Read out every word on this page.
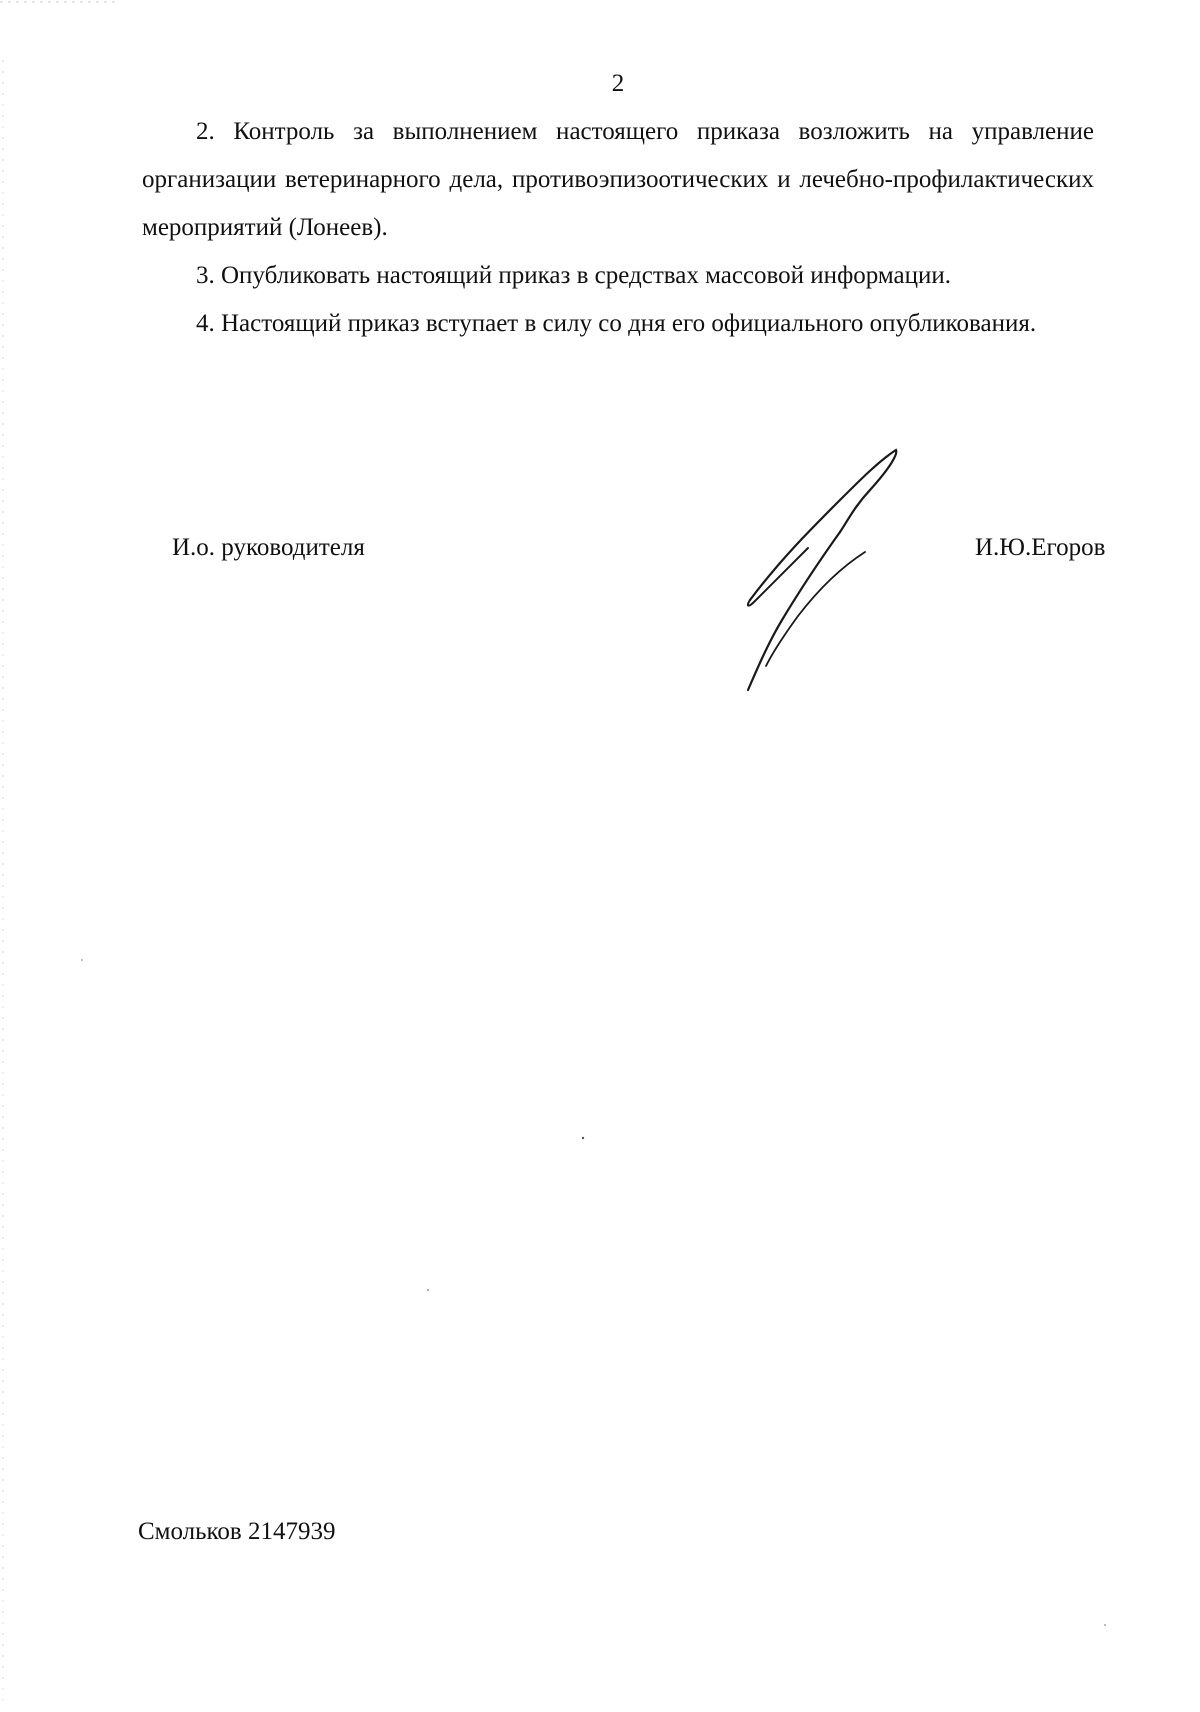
2

2. Контроль за выполнением настоящего приказа возложить на управление организации ветеринарного дела, противоэпизоотических и лечебно-профилактических мероприятий (Лонеев).

3. Опубликовать настоящий приказ в средствах массовой информации.

4. Настоящий приказ вступает в силу со дня его официального опубликования.

И.о. руководителя	И.Ю.Егоров
Смольков 2147939
